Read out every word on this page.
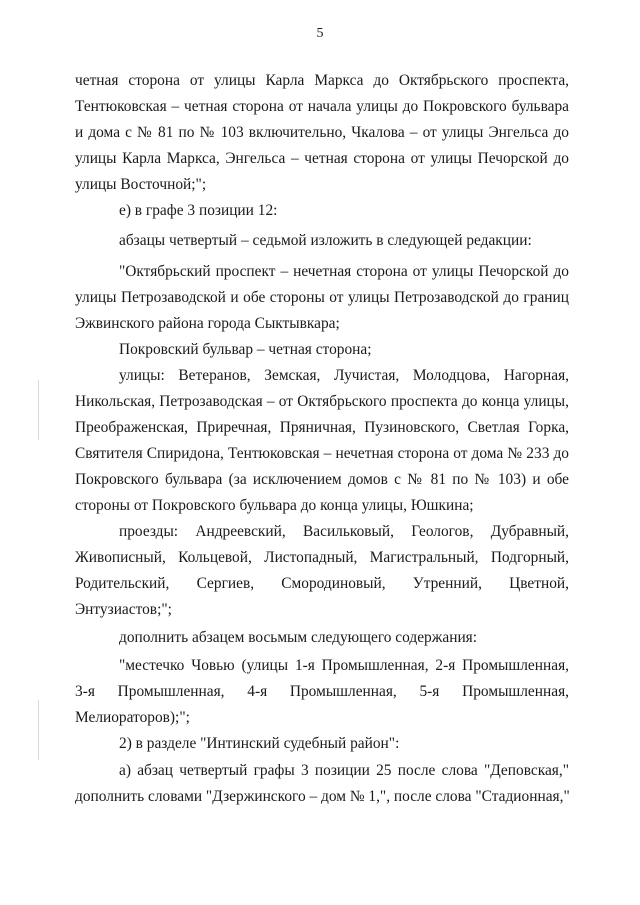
5
четная сторона от улицы Карла Маркса до Октябрьского проспекта,
Тентюковская – четная сторона от начала улицы до Покровского бульвара
и дома с № 81 по № 103 включительно, Чкалова – от улицы Энгельса до
улицы Карла Маркса, Энгельса – четная сторона от улицы Печорской до
улицы Восточной;";
е) в графе 3 позиции 12:
абзацы четвертый – седьмой изложить в следующей редакции:
"Октябрьский проспект – нечетная сторона от улицы Печорской до
улицы Петрозаводской и обе стороны от улицы Петрозаводской до границ
Эжвинского района города Сыктывкара;
Покровский бульвар – четная сторона;
улицы: Ветеранов, Земская, Лучистая, Молодцова, Нагорная,
Никольская, Петрозаводская – от Октябрьского проспекта до конца улицы,
Преображенская, Приречная, Пряничная, Пузиновского, Светлая Горка,
Святителя Спиридона, Тентюковская – нечетная сторона от дома № 233 до
Покровского бульвара (за исключением домов с № 81 по № 103) и обе
стороны от Покровского бульвара до конца улицы, Юшкина;
проезды: Андреевский, Васильковый, Геологов, Дубравный,
Живописный, Кольцевой, Листопадный, Магистральный, Подгорный,
Родительский, Сергиев, Смородиновый, Утренний, Цветной,
Энтузиастов;";
дополнить абзацем восьмым следующего содержания:
"местечко Човью (улицы 1-я Промышленная, 2-я Промышленная,
3-я Промышленная, 4-я Промышленная, 5-я Промышленная,
Мелиораторов);";
2) в разделе "Интинский судебный район":
а) абзац четвертый графы 3 позиции 25 после слова "Деповская,"
дополнить словами "Дзержинского – дом № 1,", после слова "Стадионная,"
